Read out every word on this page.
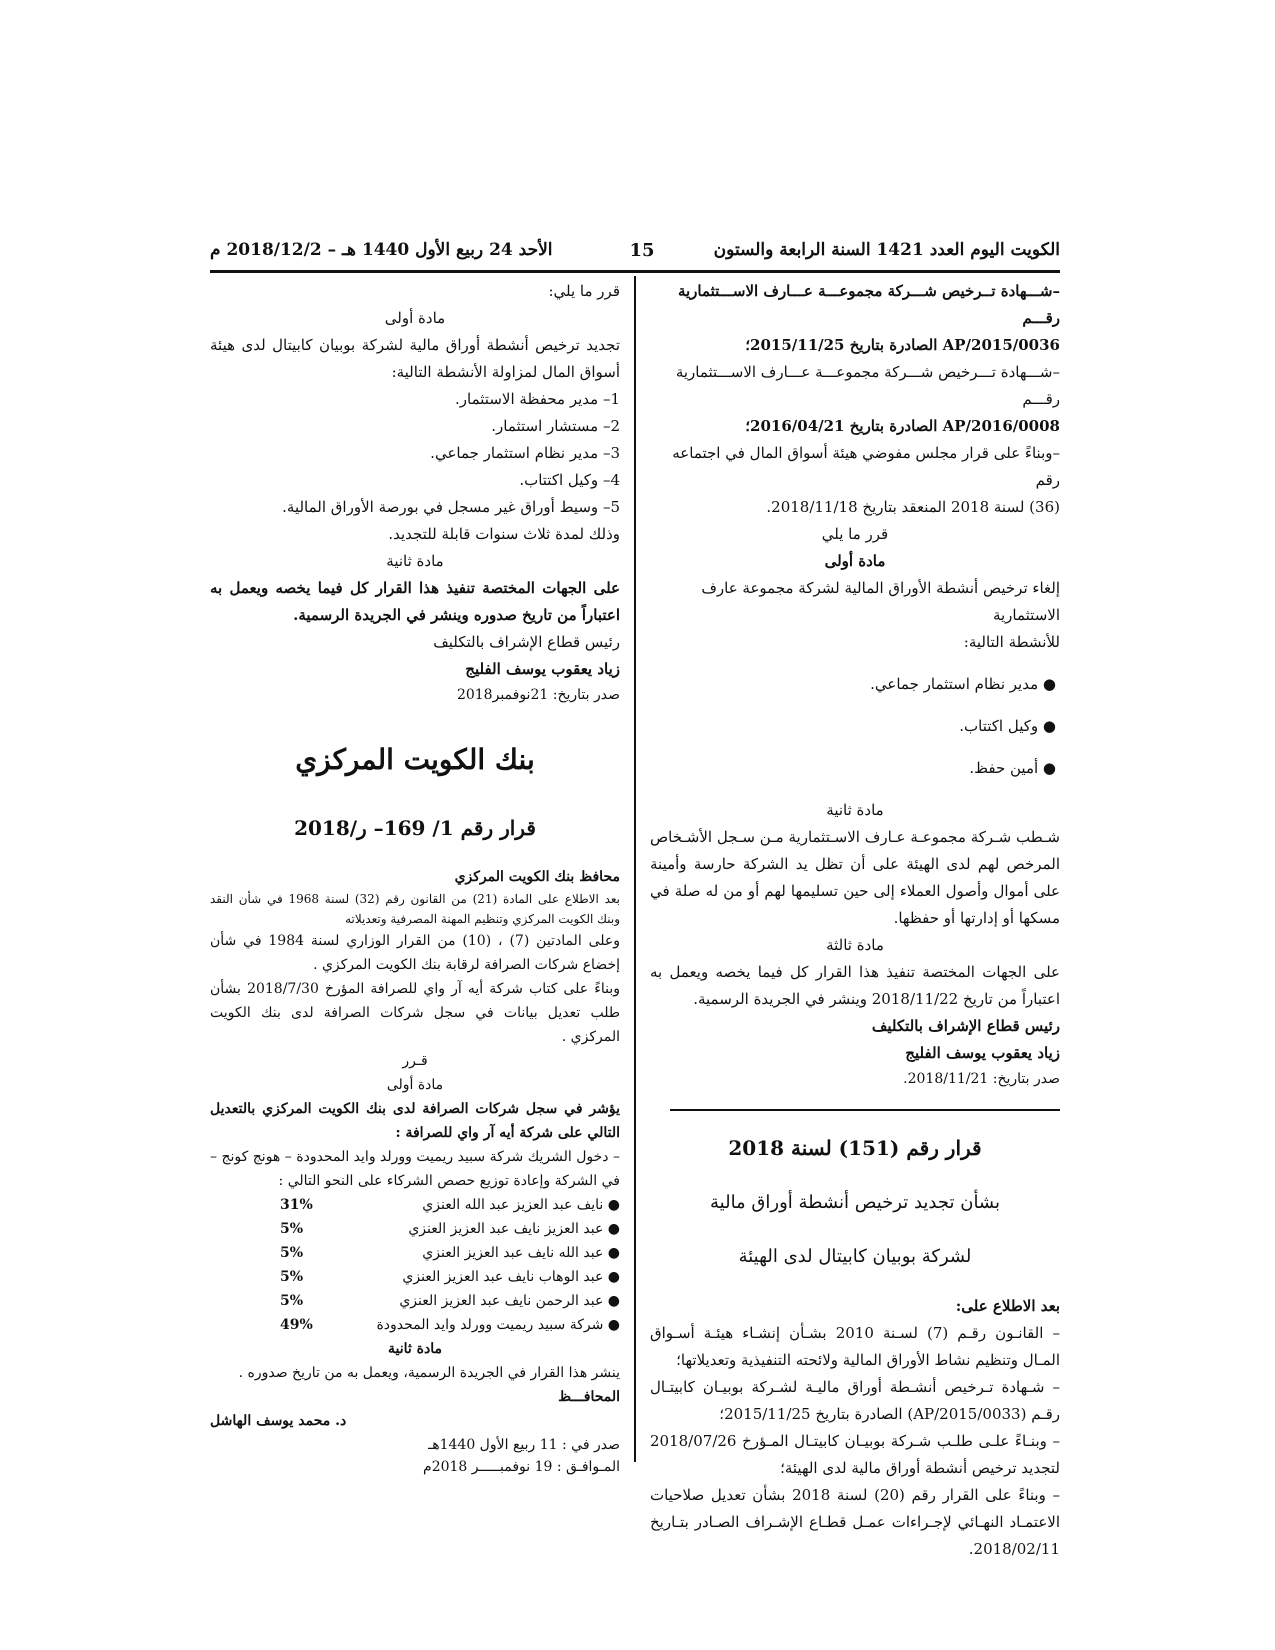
الكويت اليوم العدد 1421 السنة الرابعة والستون
15
الأحد 24 ربيع الأول 1440 هـ – 2018/12/2 م

–شـــهادة تــرخيص شـــركة مجموعـــة عـــارف الاســـتثمارية رقـــم

AP/2015/0036 الصادرة بتاريخ 2015/11/25؛

–شـــهادة تـــرخيص شـــركة مجموعـــة عـــارف الاســـتثمارية رقـــم

AP/2016/0008 الصادرة بتاريخ 2016/04/21؛

–وبناءً على قرار مجلس مفوضي هيئة أسواق المال في اجتماعه رقم

(36) لسنة 2018 المنعقد بتاريخ 2018/11/18.

قرر ما يلي

مادة أولى

إلغاء ترخيص أنشطة الأوراق المالية لشركة مجموعة عارف الاستثمارية

للأنشطة التالية:

● مدير نظام استثمار جماعي.

● وكيل اكتتاب.

● أمين حفظ.

مادة ثانية

شـطب شـركة مجموعـة عـارف الاسـتثمارية مـن سـجل الأشـخاص المرخص لهم لدى الهيئة على أن تظل يد الشركة حارسة وأمينة على أموال وأصول العملاء إلى حين تسليمها لهم أو من له صلة في مسكها أو إدارتها أو حفظها.

مادة ثالثة

على الجهات المختصة تنفيذ هذا القرار كل فيما يخصه ويعمل به اعتباراً من تاريخ 2018/11/22 وينشر في الجريدة الرسمية.

رئيس قطاع الإشراف بالتكليف

زياد يعقوب يوسف الفليج

صدر بتاريخ: 2018/11/21.

قرار رقم (151) لسنة 2018

بشأن تجديد ترخيص أنشطة أوراق مالية

لشركة بوبيان كابيتال لدى الهيئة

بعد الاطلاع على:

– القانـون رقـم (7) لسـنة 2010 بشـأن إنشـاء هيئـة أسـواق المـال وتنظيم نشاط الأوراق المالية ولائحته التنفيذية وتعديلاتها؛

– شـهادة تـرخيص أنشـطة أوراق ماليـة لشـركة بوبيـان كابيتـال رقـم (AP/2015/0033) الصادرة بتاريخ 2015/11/25؛

– وبنـاءً علـى طلـب شـركة بوبيـان كابيتـال المـؤرخ 2018/07/26 لتجديد ترخيص أنشطة أوراق مالية لدى الهيئة؛

– وبناءً على القرار رقم (20) لسنة 2018 بشأن تعديل صلاحيات الاعتمـاد النهـائي لإجـراءات عمـل قطـاع الإشـراف الصـادر بتـاريخ 2018/02/11.

قرر ما يلي:

مادة أولى

تجديد ترخيص أنشطة أوراق مالية لشركة بوبيان كابيتال لدى هيئة أسواق المال لمزاولة الأنشطة التالية:

1– مدير محفظة الاستثمار.

2– مستشار استثمار.

3– مدير نظام استثمار جماعي.

4– وكيل اكتتاب.

5– وسيط أوراق غير مسجل في بورصة الأوراق المالية.

وذلك لمدة ثلاث سنوات قابلة للتجديد.

مادة ثانية

على الجهات المختصة تنفيذ هذا القرار كل فيما يخصه ويعمل به اعتباراً من تاريخ صدوره وينشر في الجريدة الرسمية.

رئيس قطاع الإشراف بالتكليف

زياد يعقوب يوسف الفليج

صدر بتاريخ: 21نوفمبر2018

بنك الكويت المركزي

قرار رقم 1/ 169– ر/2018

محافظ بنك الكويت المركزي

بعد الاطلاع على المادة (21) من القانون رقم (32) لسنة 1968 في شأن النقد وبنك الكويت المركزي وتنظيم المهنة المصرفية وتعديلاته

وعلى المادتين (7) ، (10) من القرار الوزاري لسنة 1984 في شأن إخضاع شركات الصرافة لرقابة بنك الكويت المركزي .

وبناءً على كتاب شركة أيه آر واي للصرافة المؤرخ 2018/7/30 بشأن طلب تعديل بيانات في سجل شركات الصرافة لدى بنك الكويت المركزي .

قـرر

مادة أولى

يؤشر في سجل شركات الصرافة لدى بنك الكويت المركزي بالتعديل التالي على شركة أيه آر واي للصرافة :

– دخول الشريك شركة سبيد ريميت وورلد وايد المحدودة – هونج كونج – في الشركة وإعادة توزيع حصص الشركاء على النحو التالي :

● نايف عبد العزيز عبد الله العنزي
31%
● عبد العزيز نايف عبد العزيز العنزي
5%
● عبد الله نايف عبد العزيز العنزي
5%
● عبد الوهاب نايف عبد العزيز العنزي
5%
● عبد الرحمن نايف عبد العزيز العنزي
5%
● شركة سبيد ريميت وورلد وايد المحدودة
49%

مادة ثانية

ينشر هذا القرار في الجريدة الرسمية، ويعمل به من تاريخ صدوره .

المحافـــظ

د. محمد يوسف الهاشل

صدر في : 11 ربيع الأول 1440هـ

المـوافـق : 19 نوفمبـــــر 2018م
